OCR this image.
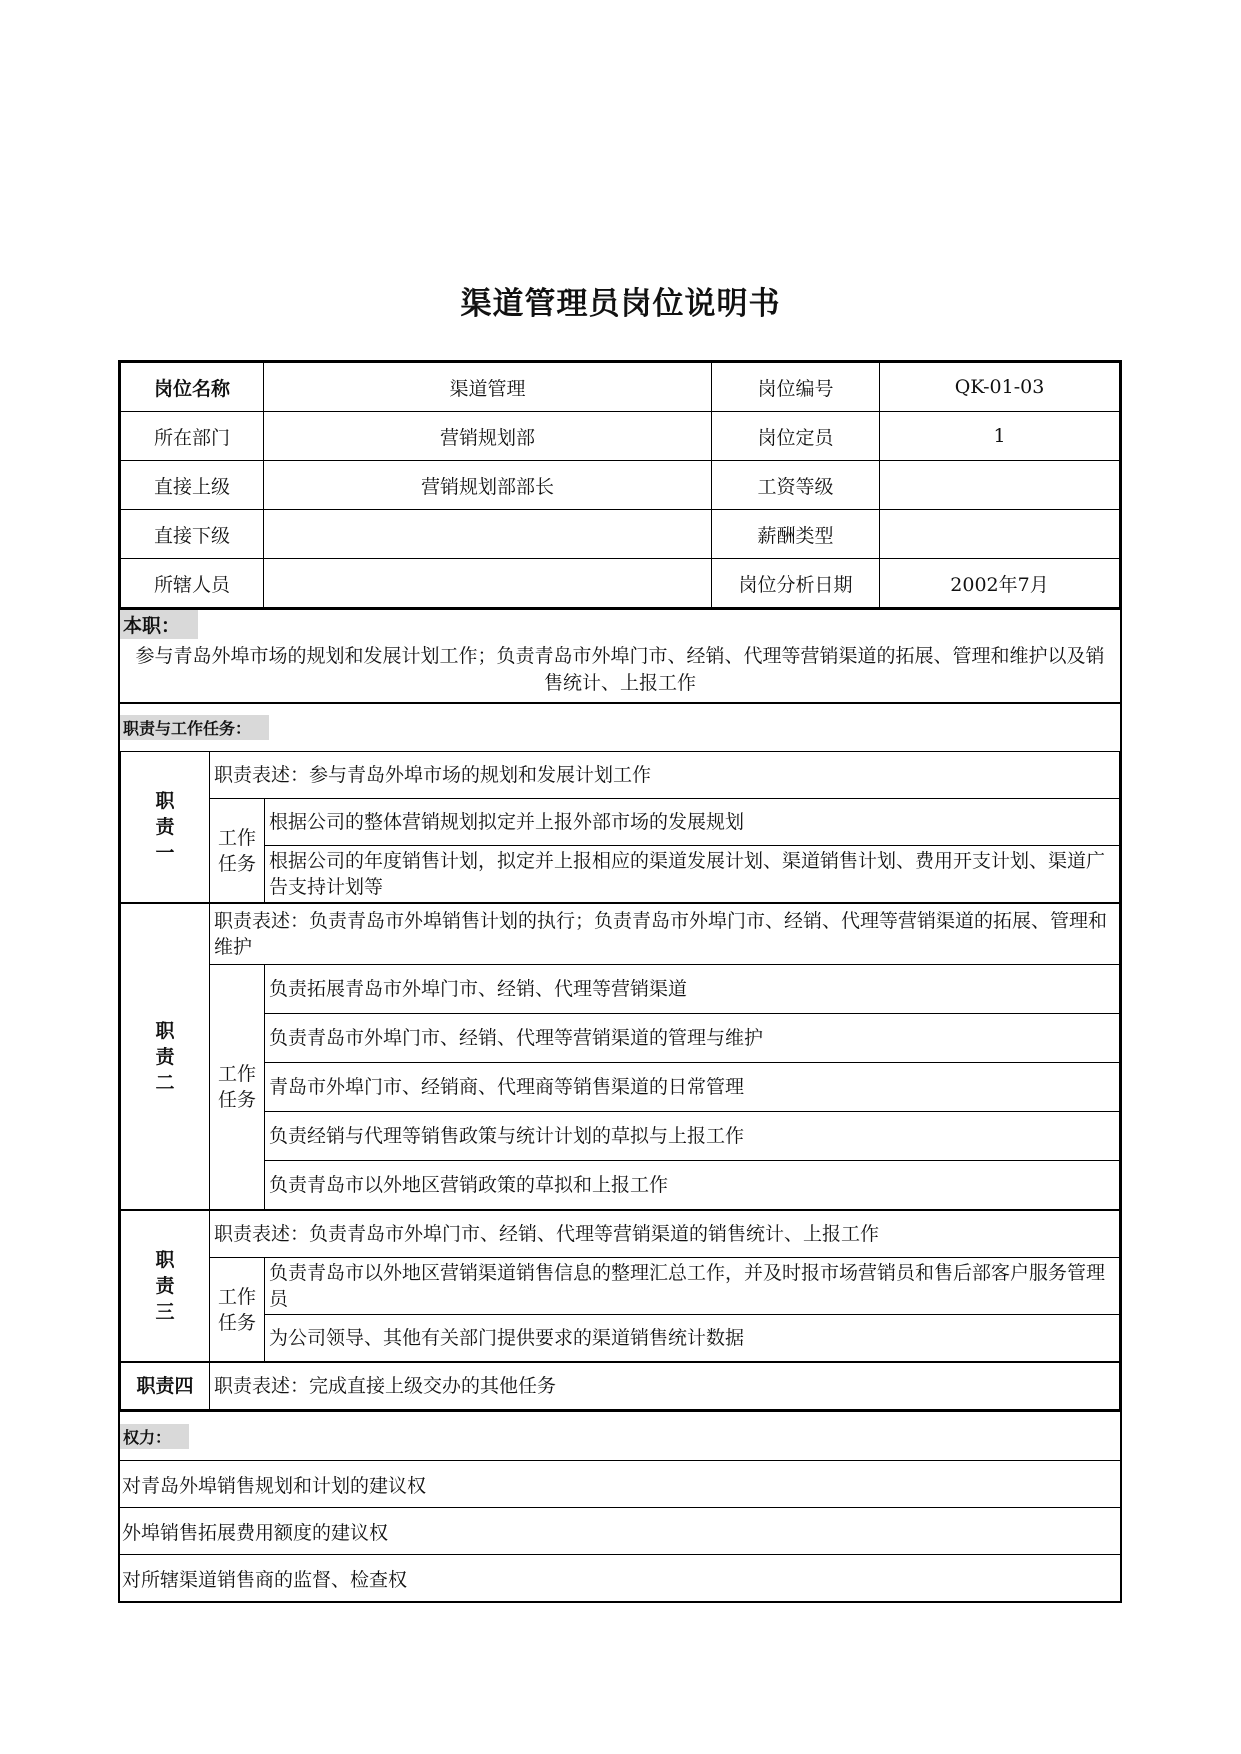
渠道管理员岗位说明书
岗位名称	渠道管理	岗位编号	QK-01-03
所在部门	营销规划部	岗位定员	1
直接上级	营销规划部部长	工资等级	
直接下级		薪酬类型	
所辖人员		岗位分析日期	2002年7月
本职：
参与青岛外埠市场的规划和发展计划工作；负责青岛市外埠门市、经销、代理等营销渠道的拓展、管理和维护以及销售统计、上报工作
职责与工作任务：
职责一	职责表述：参与青岛外埠市场的规划和发展计划工作	
	工作任务	根据公司的整体营销规划拟定并上报外部市场的发展规划
		根据公司的年度销售计划，拟定并上报相应的渠道发展计划、渠道销售计划、费用开支计划、渠道广告支持计划等
职责二	职责表述：负责青岛市外埠销售计划的执行；负责青岛市外埠门市、经销、代理等营销渠道的拓展、管理和维护	
	工作任务	负责拓展青岛市外埠门市、经销、代理等营销渠道
		负责青岛市外埠门市、经销、代理等营销渠道的管理与维护
		青岛市外埠门市、经销商、代理商等销售渠道的日常管理
		负责经销与代理等销售政策与统计计划的草拟与上报工作
		负责青岛市以外地区营销政策的草拟和上报工作
职责三	职责表述：负责青岛市外埠门市、经销、代理等营销渠道的销售统计、上报工作	
	工作任务	负责青岛市以外地区营销渠道销售信息的整理汇总工作，并及时报市场营销员和售后部客户服务管理员
		为公司领导、其他有关部门提供要求的渠道销售统计数据
职责四	职责表述：完成直接上级交办的其他任务	
权力：
对青岛外埠销售规划和计划的建议权
外埠销售拓展费用额度的建议权
对所辖渠道销售商的监督、检查权
